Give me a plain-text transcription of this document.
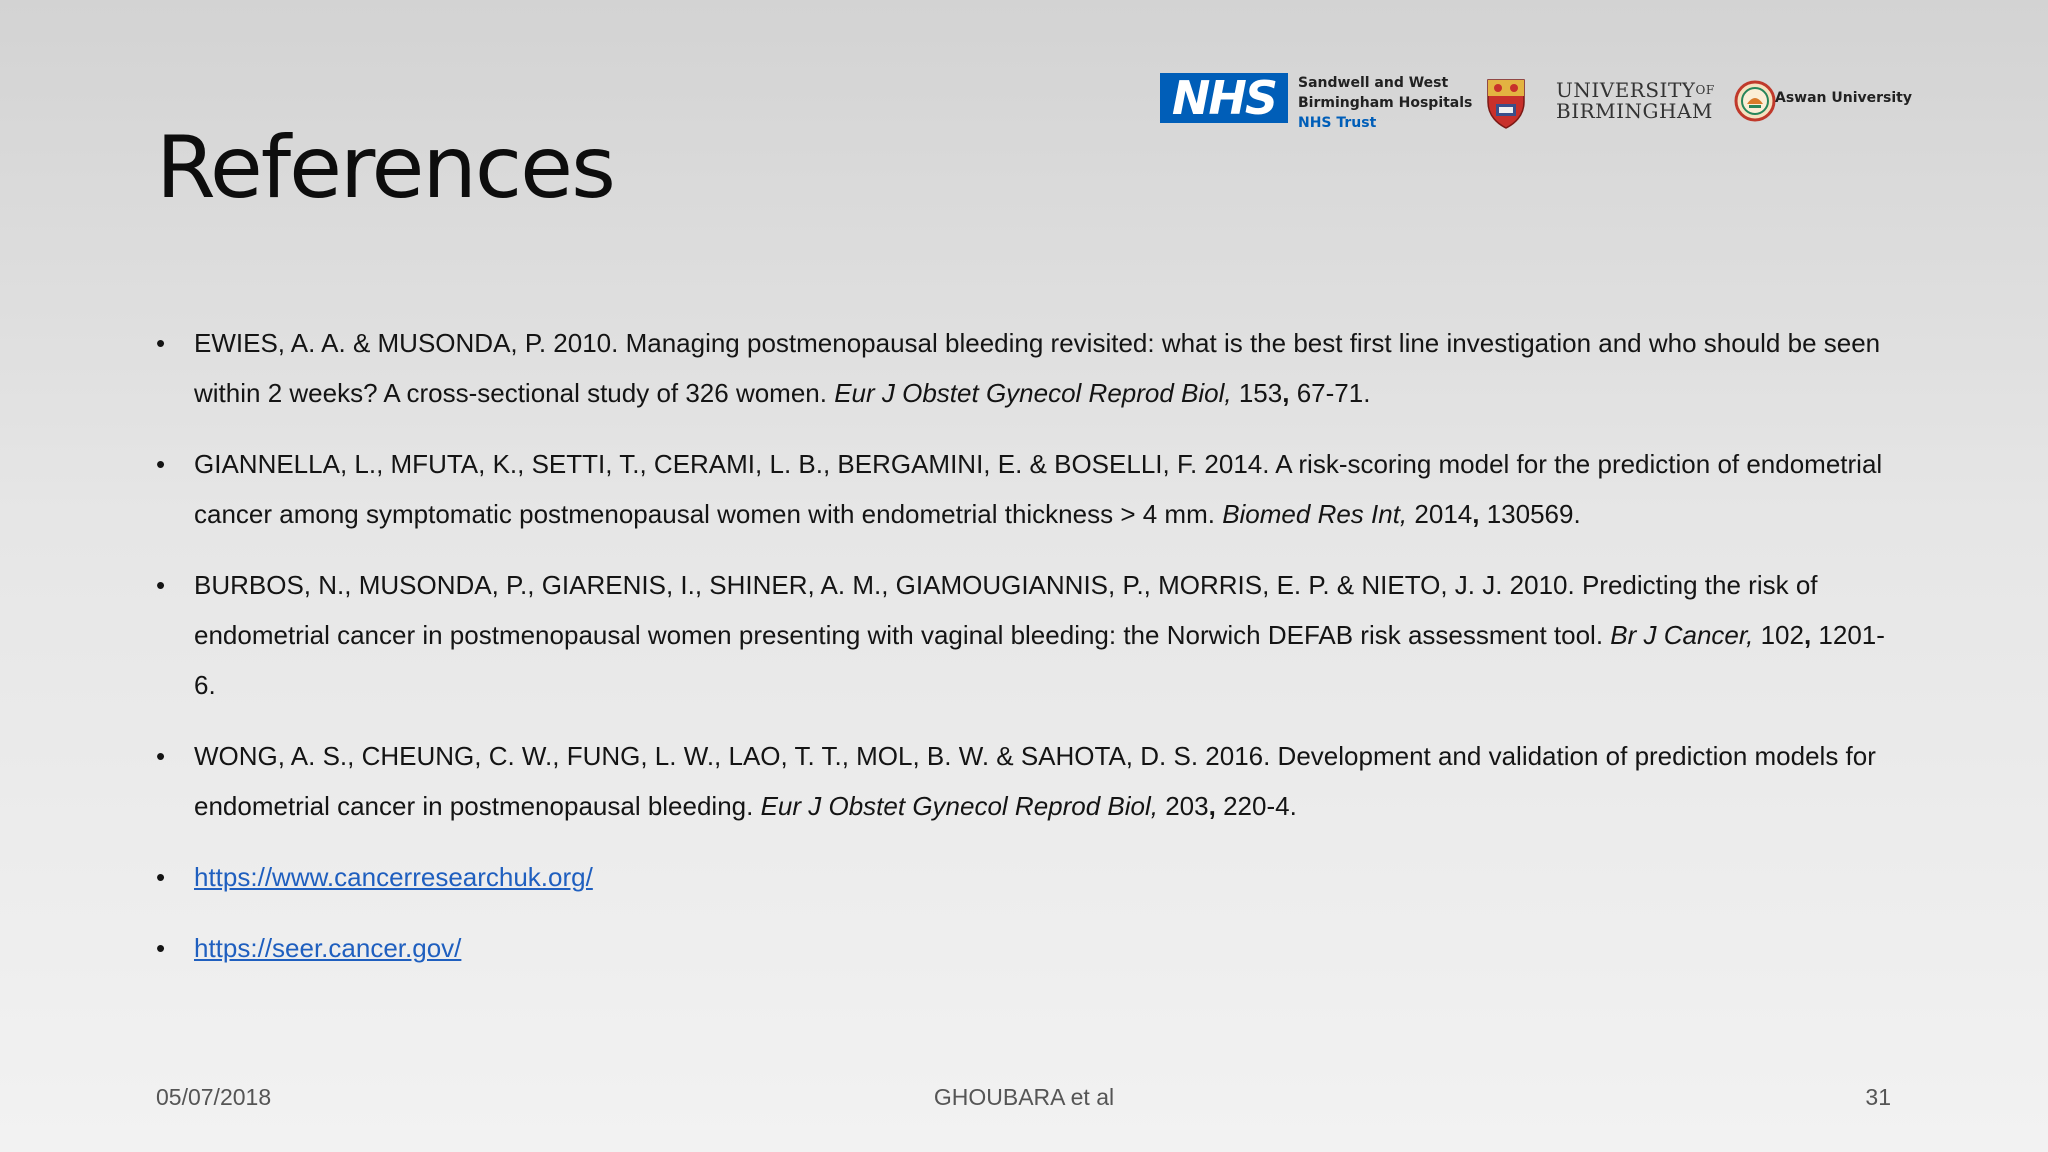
References
NHS	Sandwell and West
Birmingham Hospitals
NHS Trust
$UNIVERSITY^{OF}$
BIRMINGHAM
Aswan University
• EWIES, A. A. & MUSONDA, P. 2010. Managing postmenopausal bleeding revisited: what is the best first line investigation and who should be seen within 2 weeks? A cross-sectional study of 326 women. Eur J Obstet Gynecol Reprod Biol, 153, 67-71.
• GIANNELLA, L., MFUTA, K., SETTI, T., CERAMI, L. B., BERGAMINI, E. & BOSELLI, F. 2014. A risk-scoring model for the prediction of endometrial cancer among symptomatic postmenopausal women with endometrial thickness > 4 mm. Biomed Res Int, 2014, 130569.
• BURBOS, N., MUSONDA, P., GIARENIS, I., SHINER, A. M., GIAMOUGIANNIS, P., MORRIS, E. P. & NIETO, J. J. 2010. Predicting the risk of endometrial cancer in postmenopausal women presenting with vaginal bleeding: the Norwich DEFAB risk assessment tool. Br J Cancer, 102, 1201-6.
• WONG, A. S., CHEUNG, C. W., FUNG, L. W., LAO, T. T., MOL, B. W. & SAHOTA, D. S. 2016. Development and validation of prediction models for endometrial cancer in postmenopausal bleeding. Eur J Obstet Gynecol Reprod Biol, 203, 220-4.
• https://www.cancerresearchuk.org/
• https://seer.cancer.gov/
05/07/2018	GHOUBARA et al	31
